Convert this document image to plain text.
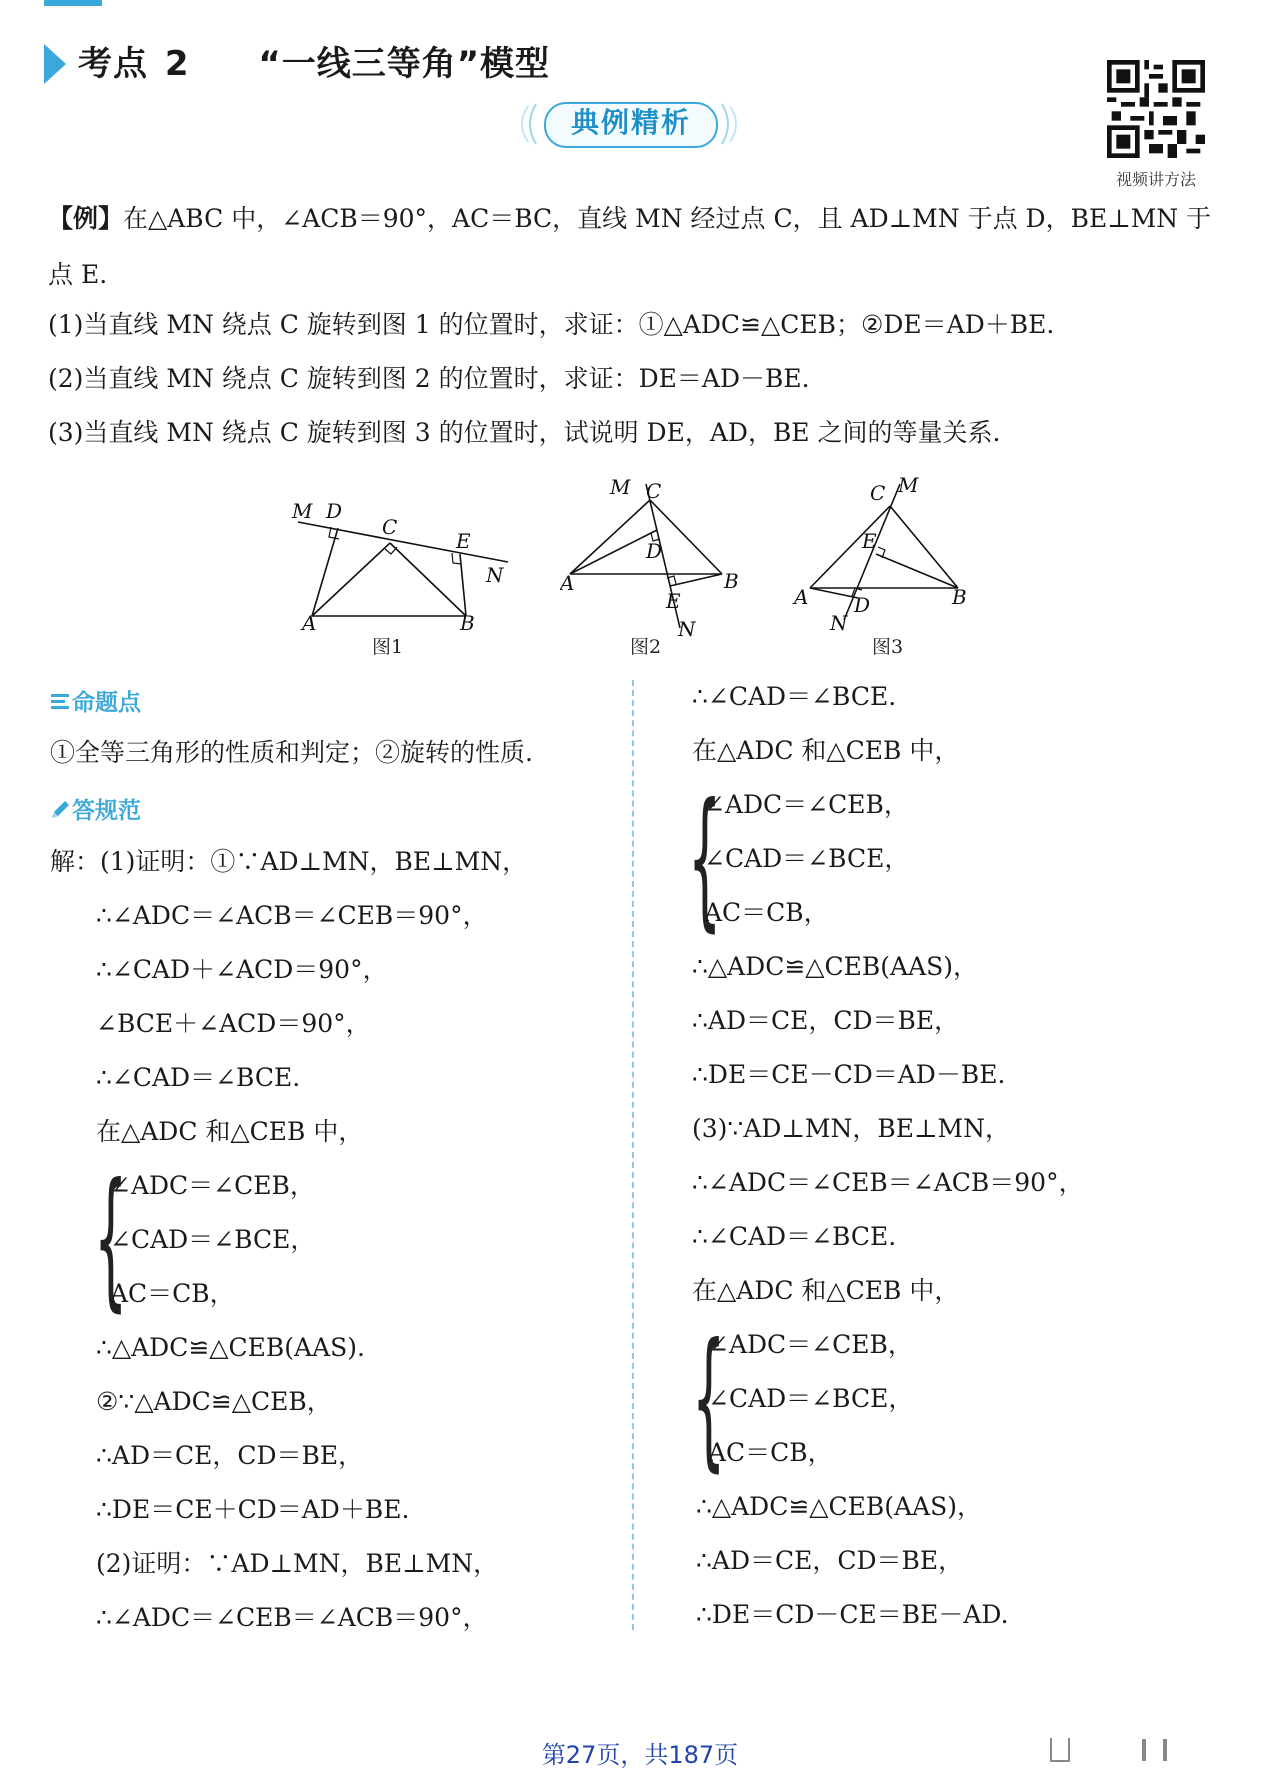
考点 2 “一线三等角”模型
典例精析
视频讲方法
【例】在△ABC 中，∠ACB＝90°，AC＝BC，直线 MN 经过点 C，且 AD⊥MN 于点 D，BE⊥MN 于
点 E.
(1)当直线 MN 绕点 C 旋转到图 1 的位置时，求证：①△ADC≌△CEB；②DE＝AD＋BE.
(2)当直线 MN 绕点 C 旋转到图 2 的位置时，求证：DE＝AD－BE.
(3)当直线 MN 绕点 C 旋转到图 3 的位置时，试说明 DE，AD，BE 之间的等量关系.
M D
C
E
N
A	B
图1
M C
D
A	B
E
N
图2
C M
E
A D	B
N
图3
命题点
①全等三角形的性质和判定；②旋转的性质.
答规范
解：(1)证明：①∵AD⊥MN，BE⊥MN，
∴∠ADC＝∠ACB＝∠CEB＝90°，
∴∠CAD＋∠ACD＝90°，
∠BCE＋∠ACD＝90°，
∴∠CAD＝∠BCE.
在△ADC 和△CEB 中，
{
∠ADC＝∠CEB，
∠CAD＝∠BCE，
AC＝CB，
∴△ADC≌△CEB(AAS).
②∵△ADC≌△CEB，
∴AD＝CE，CD＝BE，
∴DE＝CE＋CD＝AD＋BE.
(2)证明：∵AD⊥MN，BE⊥MN，
∴∠ADC＝∠CEB＝∠ACB＝90°，
∴∠CAD＝∠BCE.
在△ADC 和△CEB 中，
{
∠ADC＝∠CEB，
∠CAD＝∠BCE，
AC＝CB，
∴△ADC≌△CEB(AAS)，
∴AD＝CE，CD＝BE，
∴DE＝CE－CD＝AD－BE.
(3)∵AD⊥MN，BE⊥MN，
∴∠ADC＝∠CEB＝∠ACB＝90°，
∴∠CAD＝∠BCE.
在△ADC 和△CEB 中，
{
∠ADC＝∠CEB，
∠CAD＝∠BCE，
AC＝CB，
∴△ADC≌△CEB(AAS)，
∴AD＝CE，CD＝BE，
∴DE＝CD－CE＝BE－AD.
第27页，共187页
